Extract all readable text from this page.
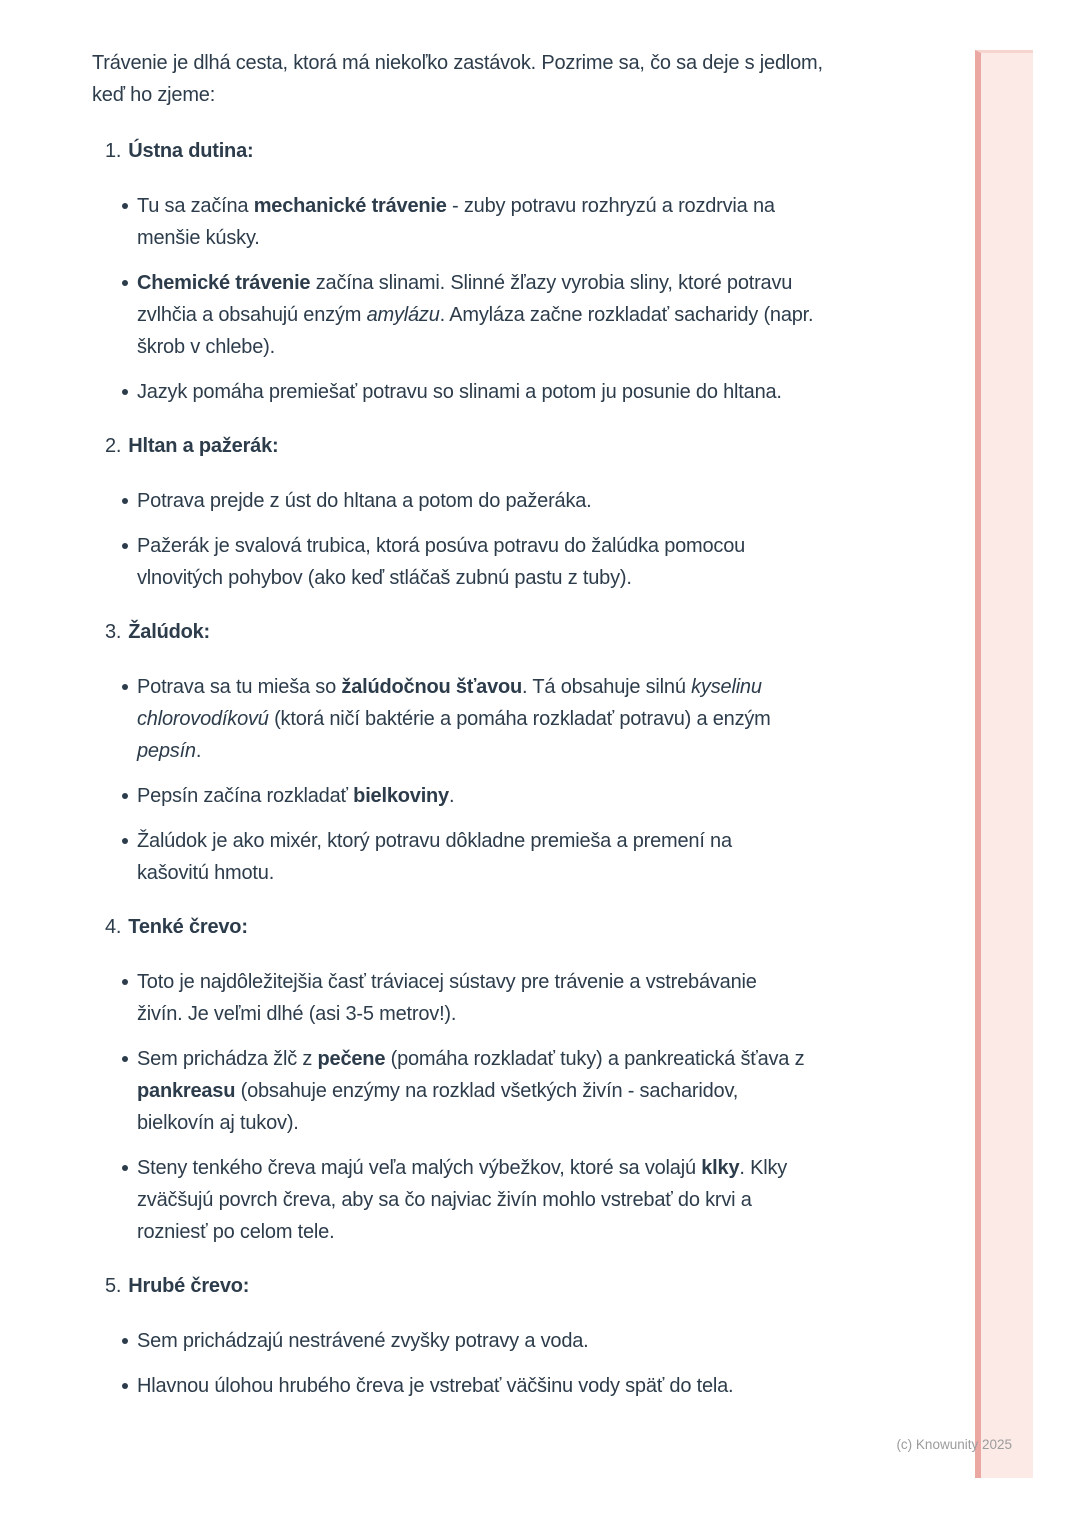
Trávenie je dlhá cesta, ktorá má niekoľko zastávok. Pozrime sa, čo sa deje s jedlom,
keď ho zjeme:

1. Ústna dutina:
Tu sa začína mechanické trávenie - zuby potravu rozhryzú a rozdrvia na
menšie kúsky.
Chemické trávenie začína slinami. Slinné žľazy vyrobia sliny, ktoré potravu
zvlhčia a obsahujú enzým amylázu. Amyláza začne rozkladať sacharidy (napr.
škrob v chlebe).
Jazyk pomáha premiešať potravu so slinami a potom ju posunie do hltana.
2. Hltan a pažerák:
Potrava prejde z úst do hltana a potom do pažeráka.
Pažerák je svalová trubica, ktorá posúva potravu do žalúdka pomocou
vlnovitých pohybov (ako keď stláčaš zubnú pastu z tuby).
3. Žalúdok:
Potrava sa tu mieša so žalúdočnou šťavou. Tá obsahuje silnú kyselinu
chlorovodíkovú (ktorá ničí baktérie a pomáha rozkladať potravu) a enzým
pepsín.
Pepsín začína rozkladať bielkoviny.
Žalúdok je ako mixér, ktorý potravu dôkladne premieša a premení na
kašovitú hmotu.
4. Tenké črevo:
Toto je najdôležitejšia časť tráviacej sústavy pre trávenie a vstrebávanie
živín. Je veľmi dlhé (asi 3-5 metrov!).
Sem prichádza žlč z pečene (pomáha rozkladať tuky) a pankreatická šťava z
pankreasu (obsahuje enzýmy na rozklad všetkých živín - sacharidov,
bielkovín aj tukov).
Steny tenkého čreva majú veľa malých výbežkov, ktoré sa volajú klky. Klky
zväčšujú povrch čreva, aby sa čo najviac živín mohlo vstrebať do krvi a
rozniesť po celom tele.
5. Hrubé črevo:
Sem prichádzajú nestrávené zvyšky potravy a voda.
Hlavnou úlohou hrubého čreva je vstrebať väčšinu vody späť do tela.
(c) Knowunity 2025
